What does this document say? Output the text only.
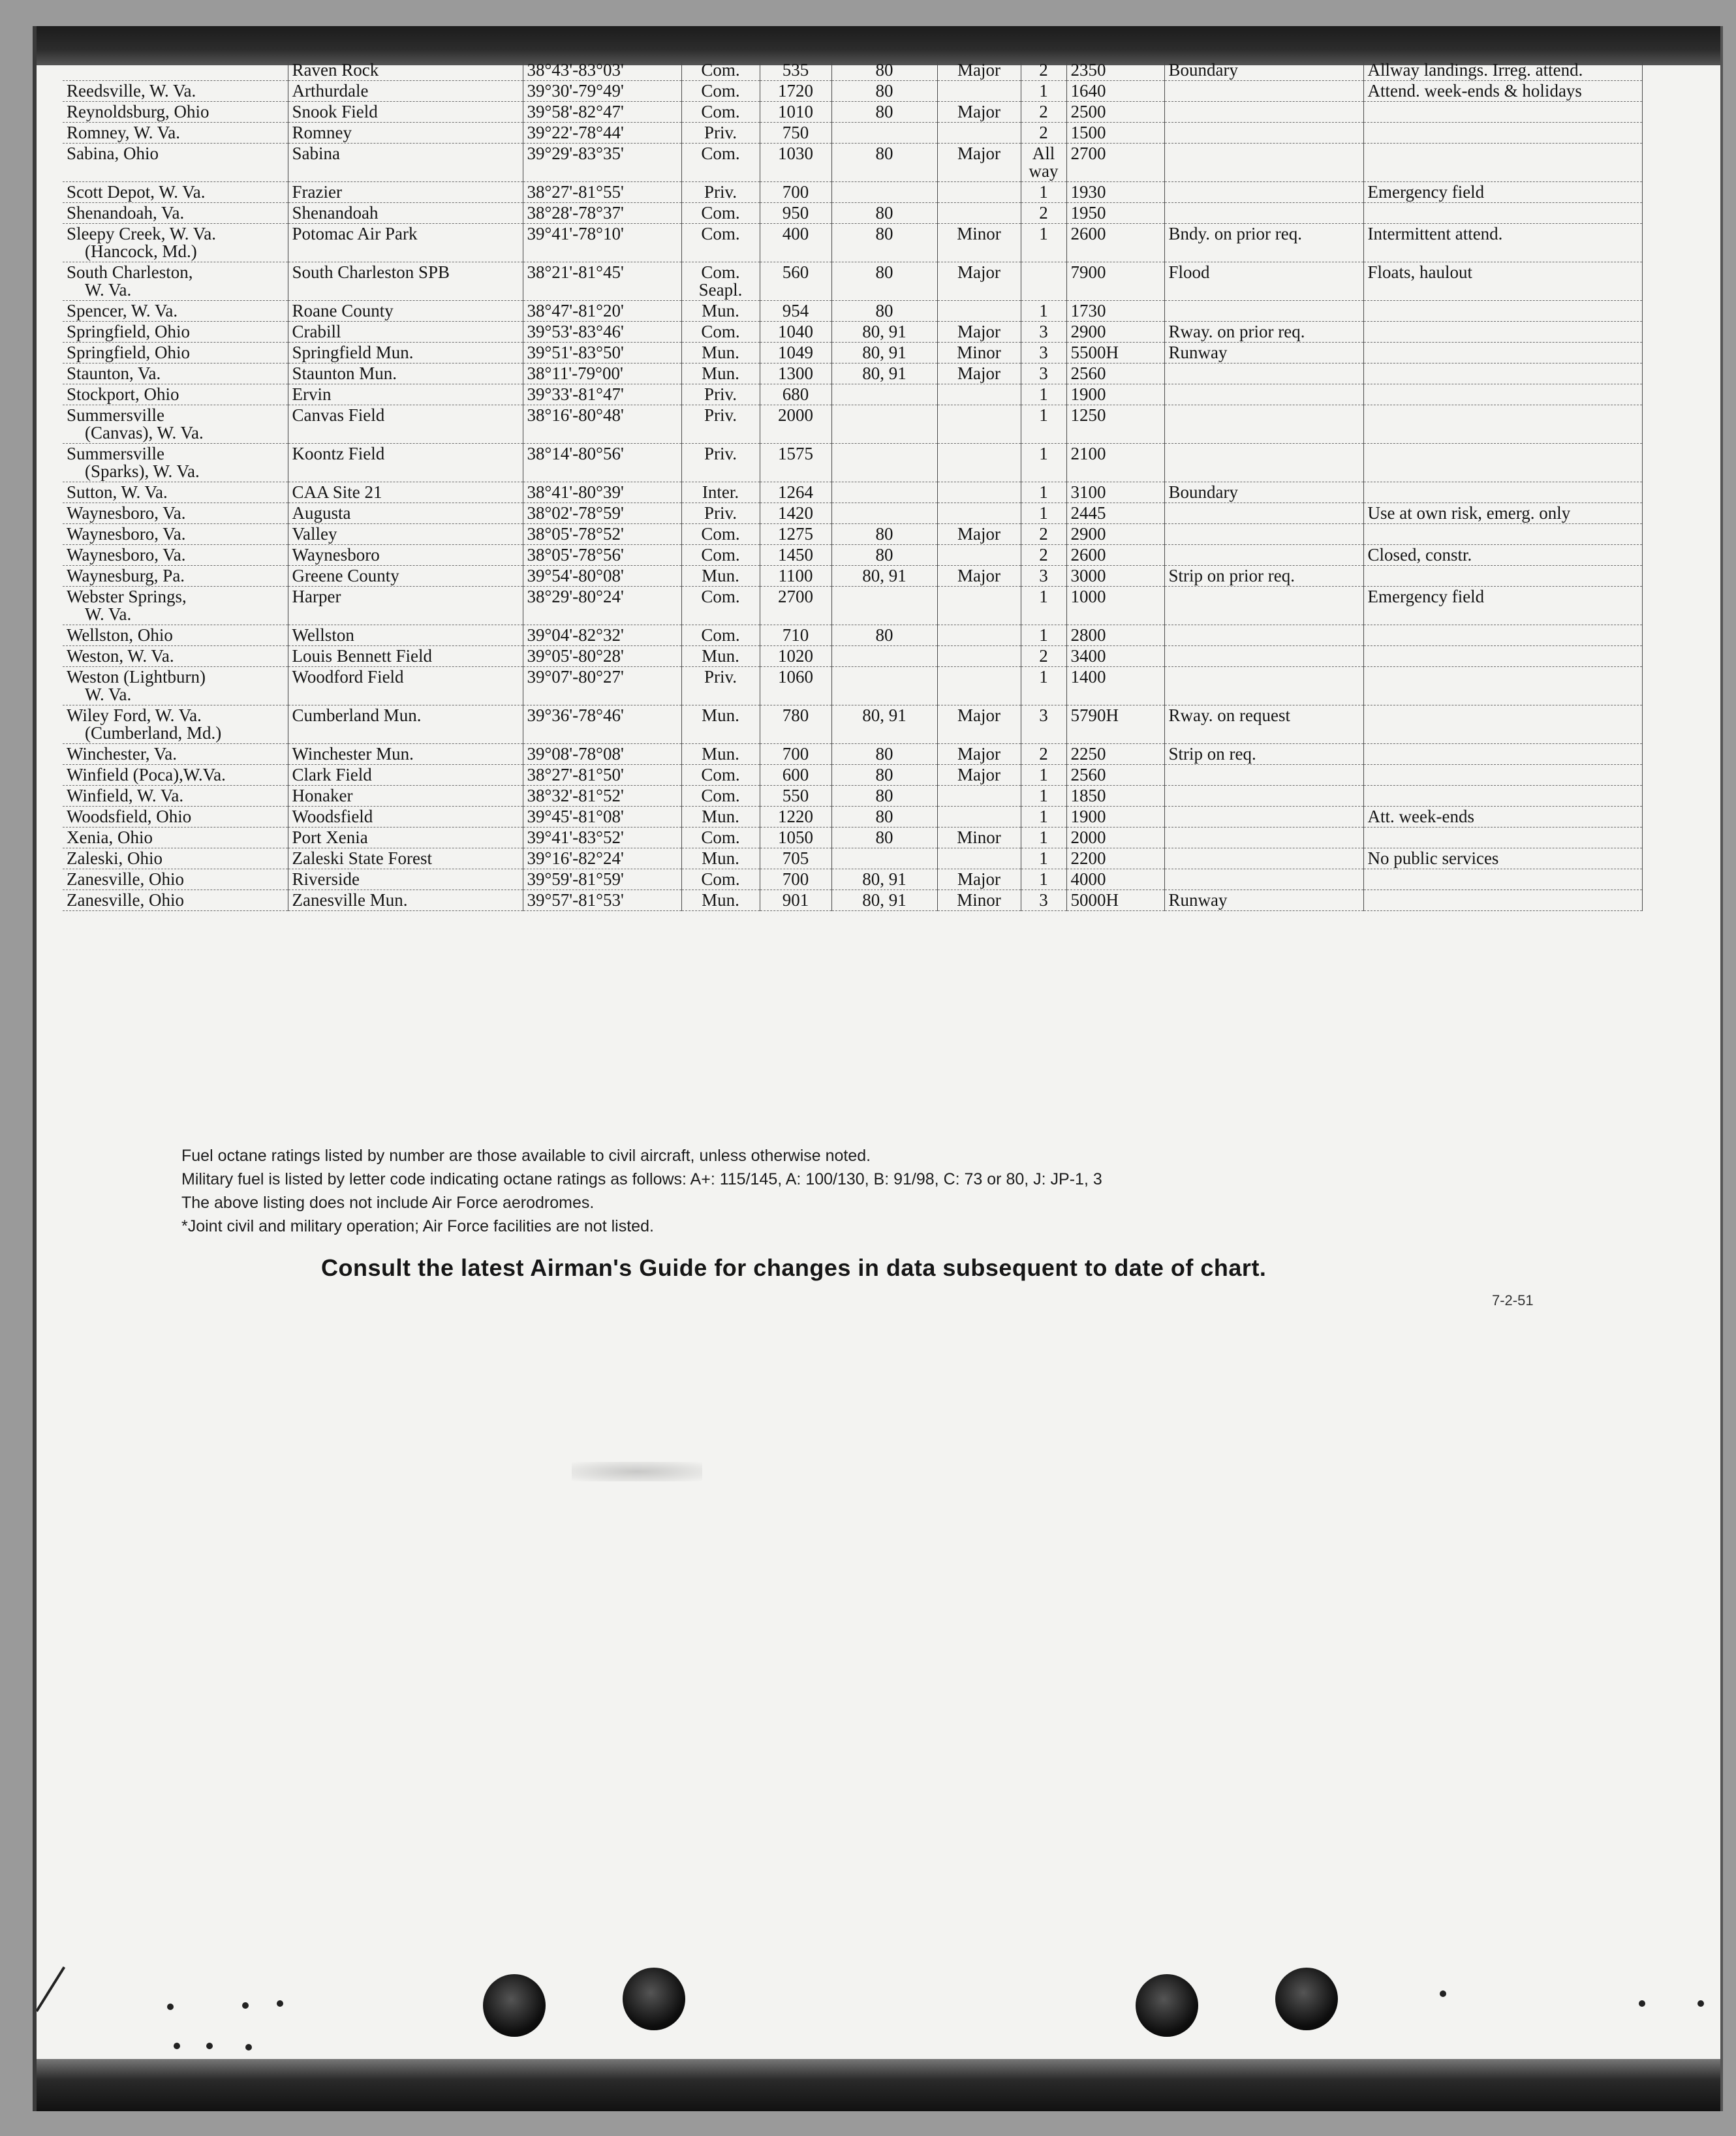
	Raven Rock	38°43'-83°03'	Com.	535	80	Major	2	2350	Boundary	Allway landings. Irreg. attend.

Reedsville, W. Va.	Arthurdale	39°30'-79°49'	Com.	1720	80		1	1640		Attend. week-ends & holidays

Reynoldsburg, Ohio	Snook Field	39°58'-82°47'	Com.	1010	80	Major	2	2500		

Romney, W. Va.	Romney	39°22'-78°44'	Priv.	750			2	1500		

Sabina, Ohio	Sabina	39°29'-83°35'	Com.	1030	80	Major	All way	2700		

Scott Depot, W. Va.	Frazier	38°27'-81°55'	Priv.	700			1	1930		Emergency field

Shenandoah, Va.	Shenandoah	38°28'-78°37'	Com.	950	80		2	1950		

Sleepy Creek, W. Va.
(Hancock, Md.)	Potomac Air Park	39°41'-78°10'	Com.	400	80	Minor	1	2600	Bndy. on prior req.	Intermittent attend.

South Charleston,
W. Va.	South Charleston SPB	38°21'-81°45'	Com. Seapl.	560	80	Major		7900	Flood	Floats, haulout

Spencer, W. Va.	Roane County	38°47'-81°20'	Mun.	954	80		1	1730		

Springfield, Ohio	Crabill	39°53'-83°46'	Com.	1040	80, 91	Major	3	2900	Rway. on prior req.	

Springfield, Ohio	Springfield Mun.	39°51'-83°50'	Mun.	1049	80, 91	Minor	3	5500H	Runway	

Staunton, Va.	Staunton Mun.	38°11'-79°00'	Mun.	1300	80, 91	Major	3	2560		

Stockport, Ohio	Ervin	39°33'-81°47'	Priv.	680			1	1900		

Summersville
(Canvas), W. Va.	Canvas Field	38°16'-80°48'	Priv.	2000			1	1250		

Summersville
(Sparks), W. Va.	Koontz Field	38°14'-80°56'	Priv.	1575			1	2100		

Sutton, W. Va.	CAA Site 21	38°41'-80°39'	Inter.	1264			1	3100	Boundary	

Waynesboro, Va.	Augusta	38°02'-78°59'	Priv.	1420			1	2445		Use at own risk, emerg. only

Waynesboro, Va.	Valley	38°05'-78°52'	Com.	1275	80	Major	2	2900		

Waynesboro, Va.	Waynesboro	38°05'-78°56'	Com.	1450	80		2	2600		Closed, constr.

Waynesburg, Pa.	Greene County	39°54'-80°08'	Mun.	1100	80, 91	Major	3	3000	Strip on prior req.	

Webster Springs,
W. Va.	Harper	38°29'-80°24'	Com.	2700			1	1000		Emergency field

Wellston, Ohio	Wellston	39°04'-82°32'	Com.	710	80		1	2800		

Weston, W. Va.	Louis Bennett Field	39°05'-80°28'	Mun.	1020			2	3400		

Weston (Lightburn)
W. Va.	Woodford Field	39°07'-80°27'	Priv.	1060			1	1400		

Wiley Ford, W. Va.
(Cumberland, Md.)	Cumberland Mun.	39°36'-78°46'	Mun.	780	80, 91	Major	3	5790H	Rway. on request	

Winchester, Va.	Winchester Mun.	39°08'-78°08'	Mun.	700	80	Major	2	2250	Strip on req.	

Winfield (Poca),W.Va.	Clark Field	38°27'-81°50'	Com.	600	80	Major	1	2560		

Winfield, W. Va.	Honaker	38°32'-81°52'	Com.	550	80		1	1850		

Woodsfield, Ohio	Woodsfield	39°45'-81°08'	Mun.	1220	80		1	1900		Att. week-ends

Xenia, Ohio	Port Xenia	39°41'-83°52'	Com.	1050	80	Minor	1	2000		

Zaleski, Ohio	Zaleski State Forest	39°16'-82°24'	Mun.	705			1	2200		No public services

Zanesville, Ohio	Riverside	39°59'-81°59'	Com.	700	80, 91	Major	1	4000		

Zanesville, Ohio	Zanesville Mun.	39°57'-81°53'	Mun.	901	80, 91	Minor	3	5000H	Runway	
Fuel octane ratings listed by number are those available to civil aircraft, unless otherwise noted.
Military fuel is listed by letter code indicating octane ratings as follows: A+: 115/145, A: 100/130, B: 91/98, C: 73 or 80, J: JP-1, 3
The above listing does not include Air Force aerodromes.
*Joint civil and military operation; Air Force facilities are not listed.
Consult the latest Airman's Guide for changes in data subsequent to date of chart.
7-2-51
